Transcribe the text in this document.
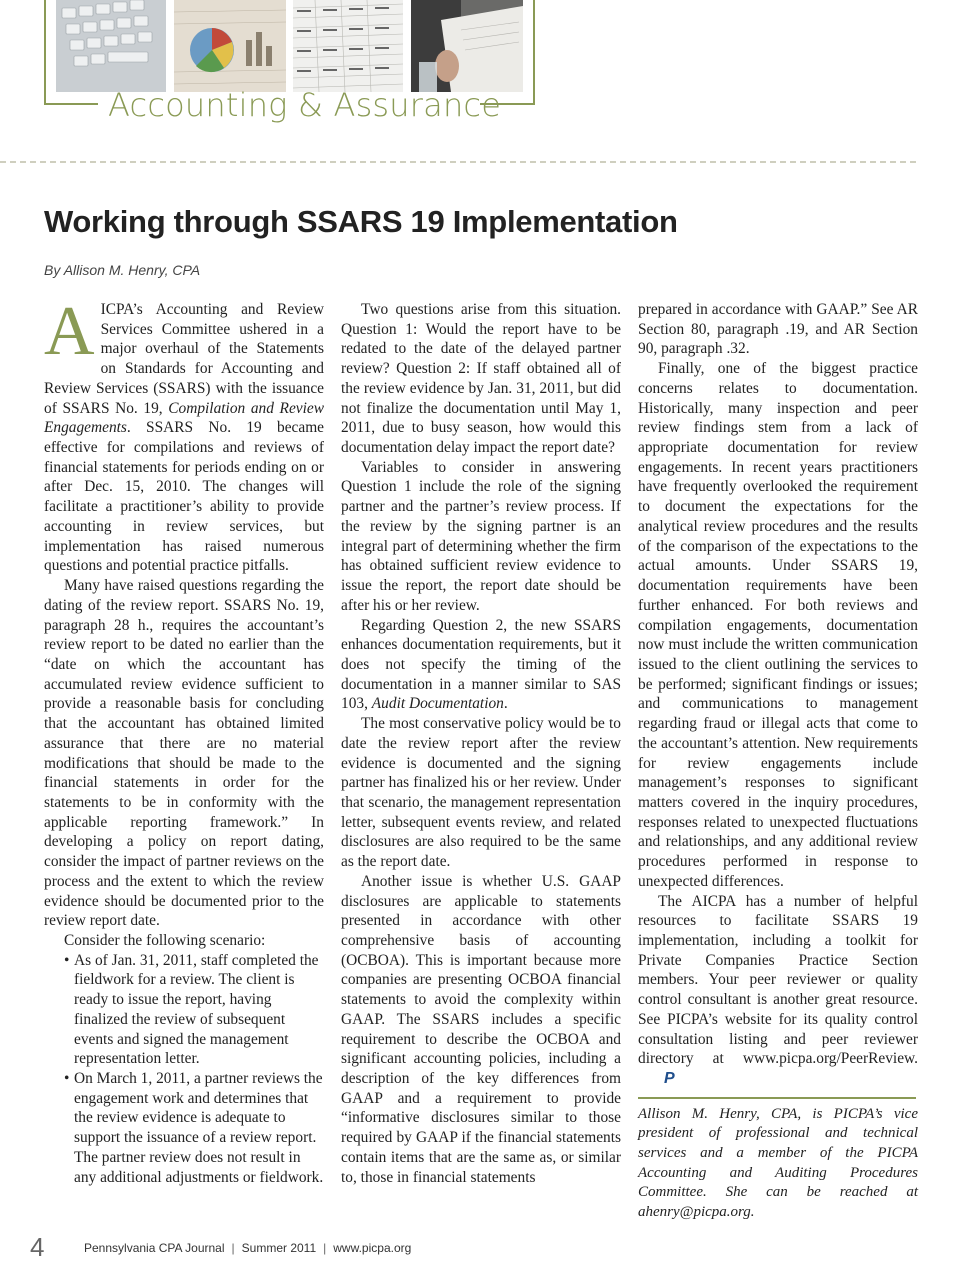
Accounting & Assurance
Working through SSARS 19 Implementation
By Allison M. Henry, CPA

AICPA’s Accounting and Review Services Committee ushered in a major overhaul of the Statements on Standards for Accounting and Review Services (SSARS) with the issuance of SSARS No. 19, Compilation and Review Engagements. SSARS No. 19 became effective for compilations and reviews of financial statements for periods ending on or after Dec. 15, 2010. The changes will facilitate a practitioner’s ability to provide accounting in review services, but implementation has raised numerous questions and potential practice pitfalls.

Many have raised questions regarding the dating of the review report. SSARS No. 19, paragraph 28 h., requires the accountant’s review report to be dated no earlier than the “date on which the accountant has accumulated review evidence sufficient to provide a reasonable basis for concluding that the accountant has obtained limited assurance that there are no material modifications that should be made to the financial statements in order for the statements to be in conformity with the applicable reporting framework.” In developing a policy on report dating, consider the impact of partner reviews on the process and the extent to which the review evidence should be documented prior to the review report date.

Consider the following scenario:

• As of Jan. 31, 2011, staff completed the fieldwork for a review. The client is ready to issue the report, having finalized the review of subsequent events and signed the management representation letter.
• On March 1, 2011, a partner reviews the engagement work and determines that the review evidence is adequate to support the issuance of a review report. The partner review does not result in any additional adjustments or fieldwork.

Two questions arise from this situation. Question 1: Would the report have to be redated to the date of the delayed partner review? Question 2: If staff obtained all of the review evidence by Jan. 31, 2011, but did not finalize the documentation until May 1, 2011, due to busy season, how would this documentation delay impact the report date?

Variables to consider in answering Question 1 include the role of the signing partner and the partner’s review process. If the review by the signing partner is an integral part of determining whether the firm has obtained sufficient review evidence to issue the report, the report date should be after his or her review.

Regarding Question 2, the new SSARS enhances documentation requirements, but it does not specify the timing of the documentation in a manner similar to SAS 103, Audit Documentation.

The most conservative policy would be to date the review report after the review evidence is documented and the signing partner has finalized his or her review. Under that scenario, the management representation letter, subsequent events review, and related disclosures are also required to be the same as the report date.

Another issue is whether U.S. GAAP disclosures are applicable to statements presented in accordance with other comprehensive basis of accounting (OCBOA). This is important because more companies are presenting OCBOA financial statements to avoid the complexity within GAAP. The SSARS includes a specific requirement to describe the OCBOA and significant accounting policies, including a description of the key differences from GAAP and a requirement to provide “informative disclosures similar to those required by GAAP if the financial statements contain items that are the same as, or similar to, those in financial statements

prepared in accordance with GAAP.” See AR Section 80, paragraph .19, and AR Section 90, paragraph .32.

Finally, one of the biggest practice concerns relates to documentation. Historically, many inspection and peer review findings stem from a lack of appropriate documentation for review engagements. In recent years practitioners have frequently overlooked the requirement to document the expectations for the analytical review procedures and the results of the comparison of the expectations to the actual amounts. Under SSARS 19, documentation requirements have been further enhanced. For both reviews and compilation engagements, documentation now must include the written communication issued to the client outlining the services to be performed; significant findings or issues; and communications to management regarding fraud or illegal acts that come to the accountant’s attention. New requirements for review engagements include management’s responses to significant matters covered in the inquiry procedures, responses related to unexpected fluctuations and relationships, and any additional review procedures performed in response to unexpected differences.

The AICPA has a number of helpful resources to facilitate SSARS 19 implementation, including a toolkit for Private Companies Practice Section members. Your peer reviewer or quality control consultant is another great resource. See PICPA’s website for its quality control consultation listing and peer reviewer directory at www.picpa.org/PeerReview.P

Allison M. Henry, CPA, is PICPA’s vice president of professional and technical services and a member of the PICPA Accounting and Auditing Procedures Committee. She can be reached at ahenry@picpa.org.

4	Pennsylvania CPA Journal | Summer 2011 | www.picpa.org
